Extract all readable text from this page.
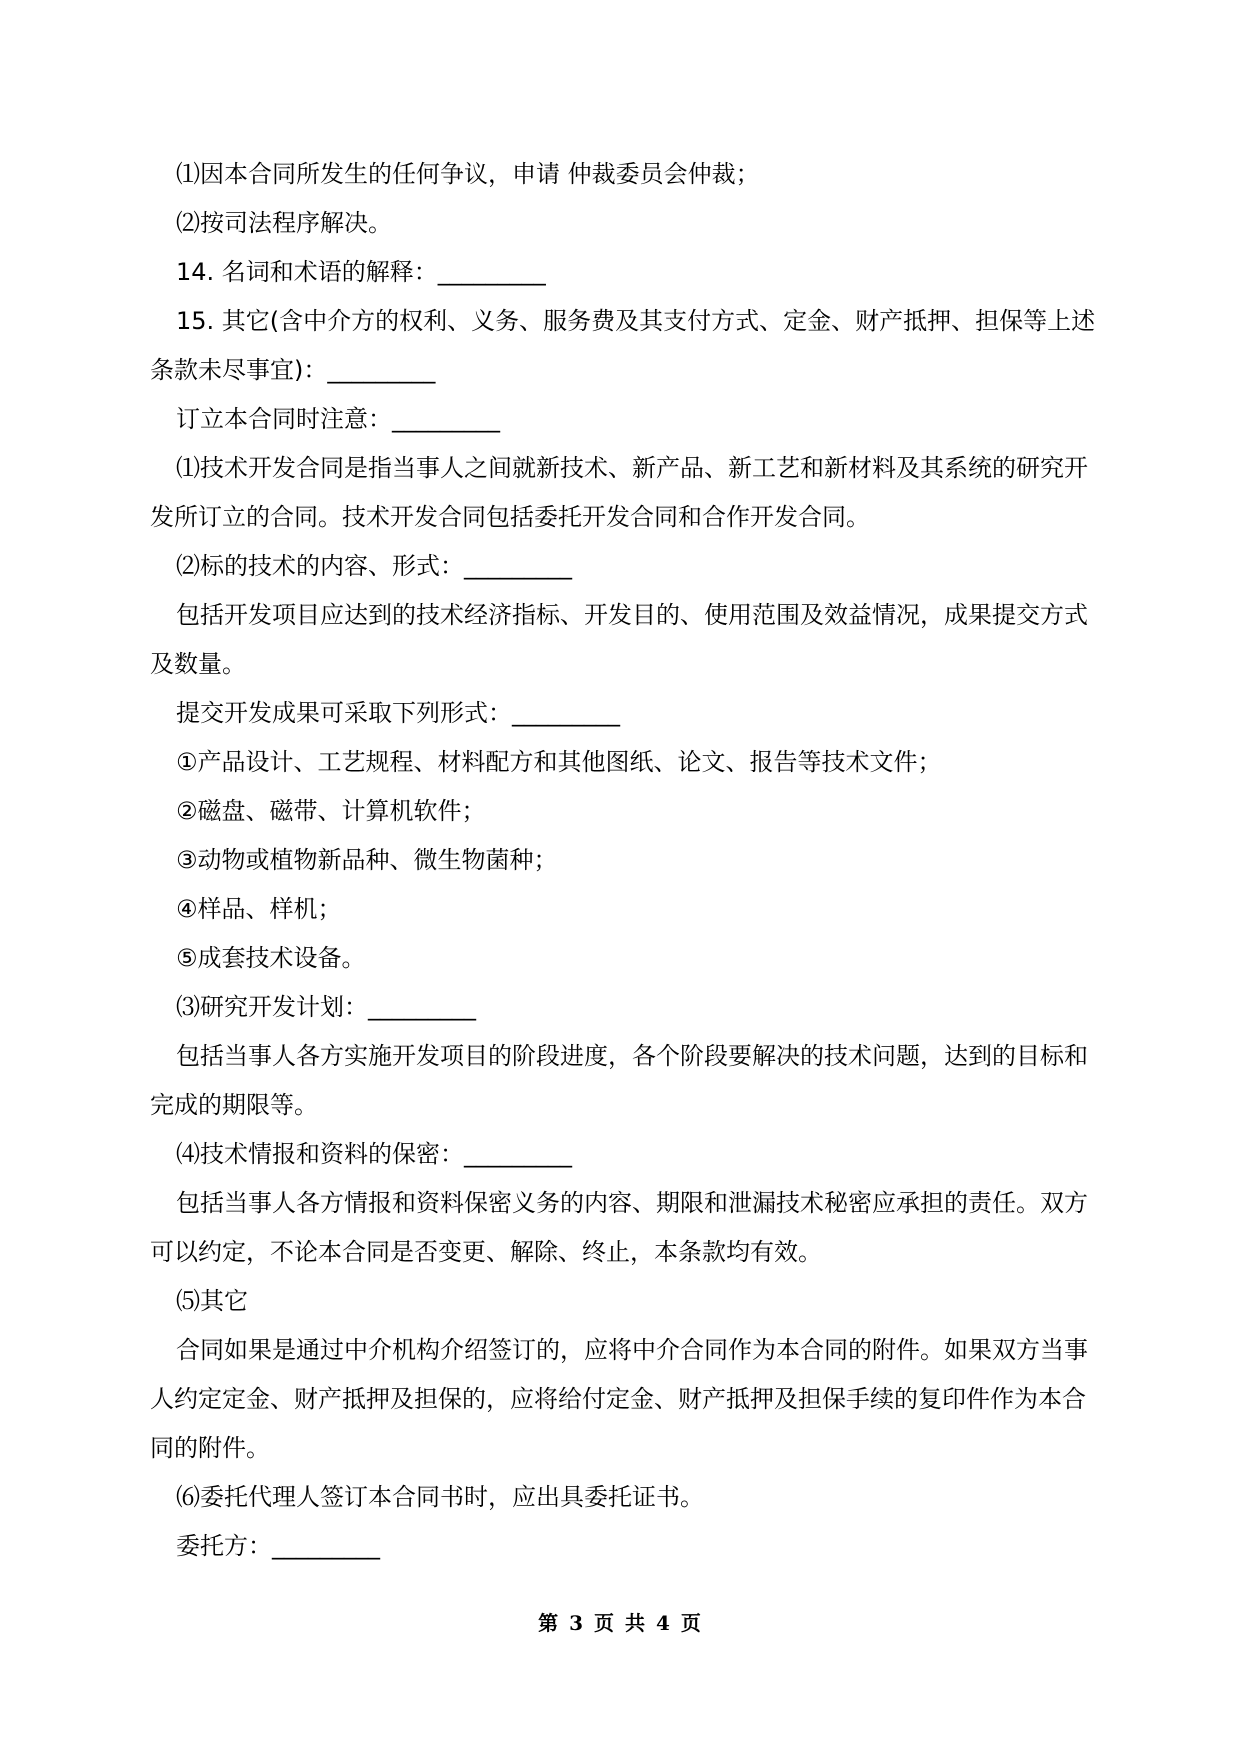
⑴因本合同所发生的任何争议，申请 仲裁委员会仲裁；

⑵按司法程序解决。

14. 名词和术语的解释：_________

15. 其它(含中介方的权利、义务、服务费及其支付方式、定金、财产抵押、担保等上述条款未尽事宜)：_________

订立本合同时注意：_________

⑴技术开发合同是指当事人之间就新技术、新产品、新工艺和新材料及其系统的研究开发所订立的合同。技术开发合同包括委托开发合同和合作开发合同。

⑵标的技术的内容、形式：_________

包括开发项目应达到的技术经济指标、开发目的、使用范围及效益情况，成果提交方式及数量。

提交开发成果可采取下列形式：_________

①产品设计、工艺规程、材料配方和其他图纸、论文、报告等技术文件；

②磁盘、磁带、计算机软件；

③动物或植物新品种、微生物菌种；

④样品、样机；

⑤成套技术设备。

⑶研究开发计划：_________

包括当事人各方实施开发项目的阶段进度，各个阶段要解决的技术问题，达到的目标和完成的期限等。

⑷技术情报和资料的保密：_________

包括当事人各方情报和资料保密义务的内容、期限和泄漏技术秘密应承担的责任。双方可以约定，不论本合同是否变更、解除、终止，本条款均有效。

⑸其它

合同如果是通过中介机构介绍签订的，应将中介合同作为本合同的附件。如果双方当事人约定定金、财产抵押及担保的，应将给付定金、财产抵押及担保手续的复印件作为本合同的附件。

⑹委托代理人签订本合同书时，应出具委托证书。

委托方：_________

第 3 页 共 4 页
